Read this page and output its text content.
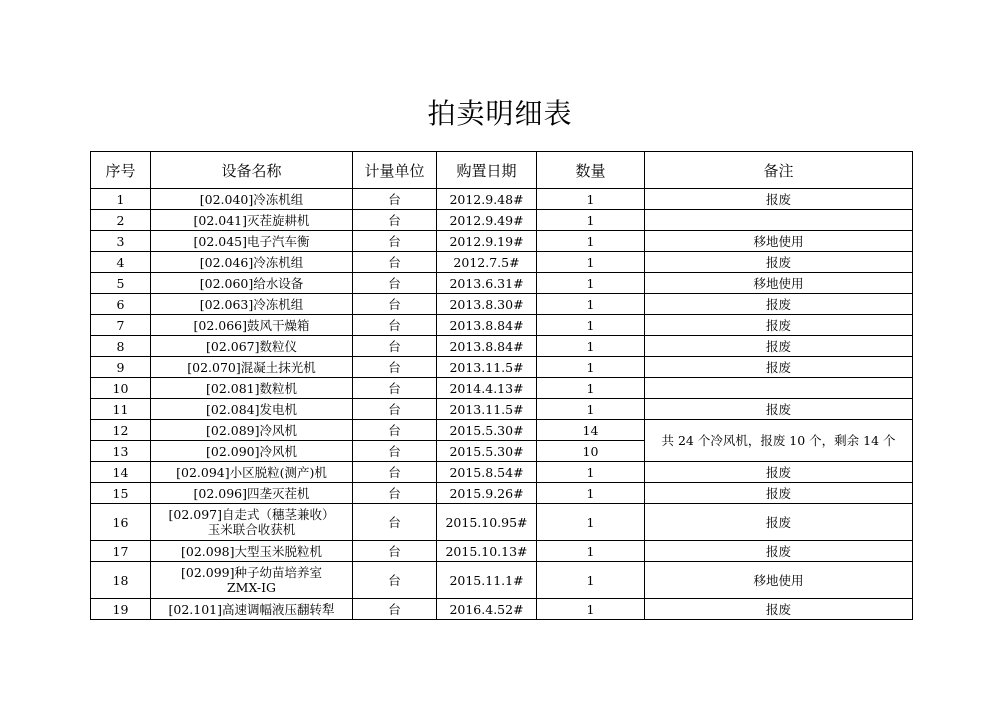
拍卖明细表
序号	设备名称	计量单位	购置日期	数量	备注
1	[02.040]冷冻机组	台	2012.9.48#	1	报废
2	[02.041]灭茬旋耕机	台	2012.9.49#	1	
3	[02.045]电子汽车衡	台	2012.9.19#	1	移地使用
4	[02.046]冷冻机组	台	2012.7.5#	1	报废
5	[02.060]给水设备	台	2013.6.31#	1	移地使用
6	[02.063]冷冻机组	台	2013.8.30#	1	报废
7	[02.066]鼓风干燥箱	台	2013.8.84#	1	报废
8	[02.067]数粒仪	台	2013.8.84#	1	报废
9	[02.070]混凝土抹光机	台	2013.11.5#	1	报废
10	[02.081]数粒机	台	2014.4.13#	1	
11	[02.084]发电机	台	2013.11.5#	1	报废
12	[02.089]冷风机	台	2015.5.30#	14	共 24 个冷风机，报废 10 个，剩余 14 个
13	[02.090]冷风机	台	2015.5.30#	10	
14	[02.094]小区脱粒(测产)机	台	2015.8.54#	1	报废
15	[02.096]四垄灭茬机	台	2015.9.26#	1	报废
16	[02.097]自走式（穗茎兼收）
玉米联合收获机	台	2015.10.95#	1	报废
17	[02.098]大型玉米脱粒机	台	2015.10.13#	1	报废
18	[02.099]种子幼苗培养室
ZMX-IG	台	2015.11.1#	1	移地使用
19	[02.101]高速调幅液压翻转犁	台	2016.4.52#	1	报废
